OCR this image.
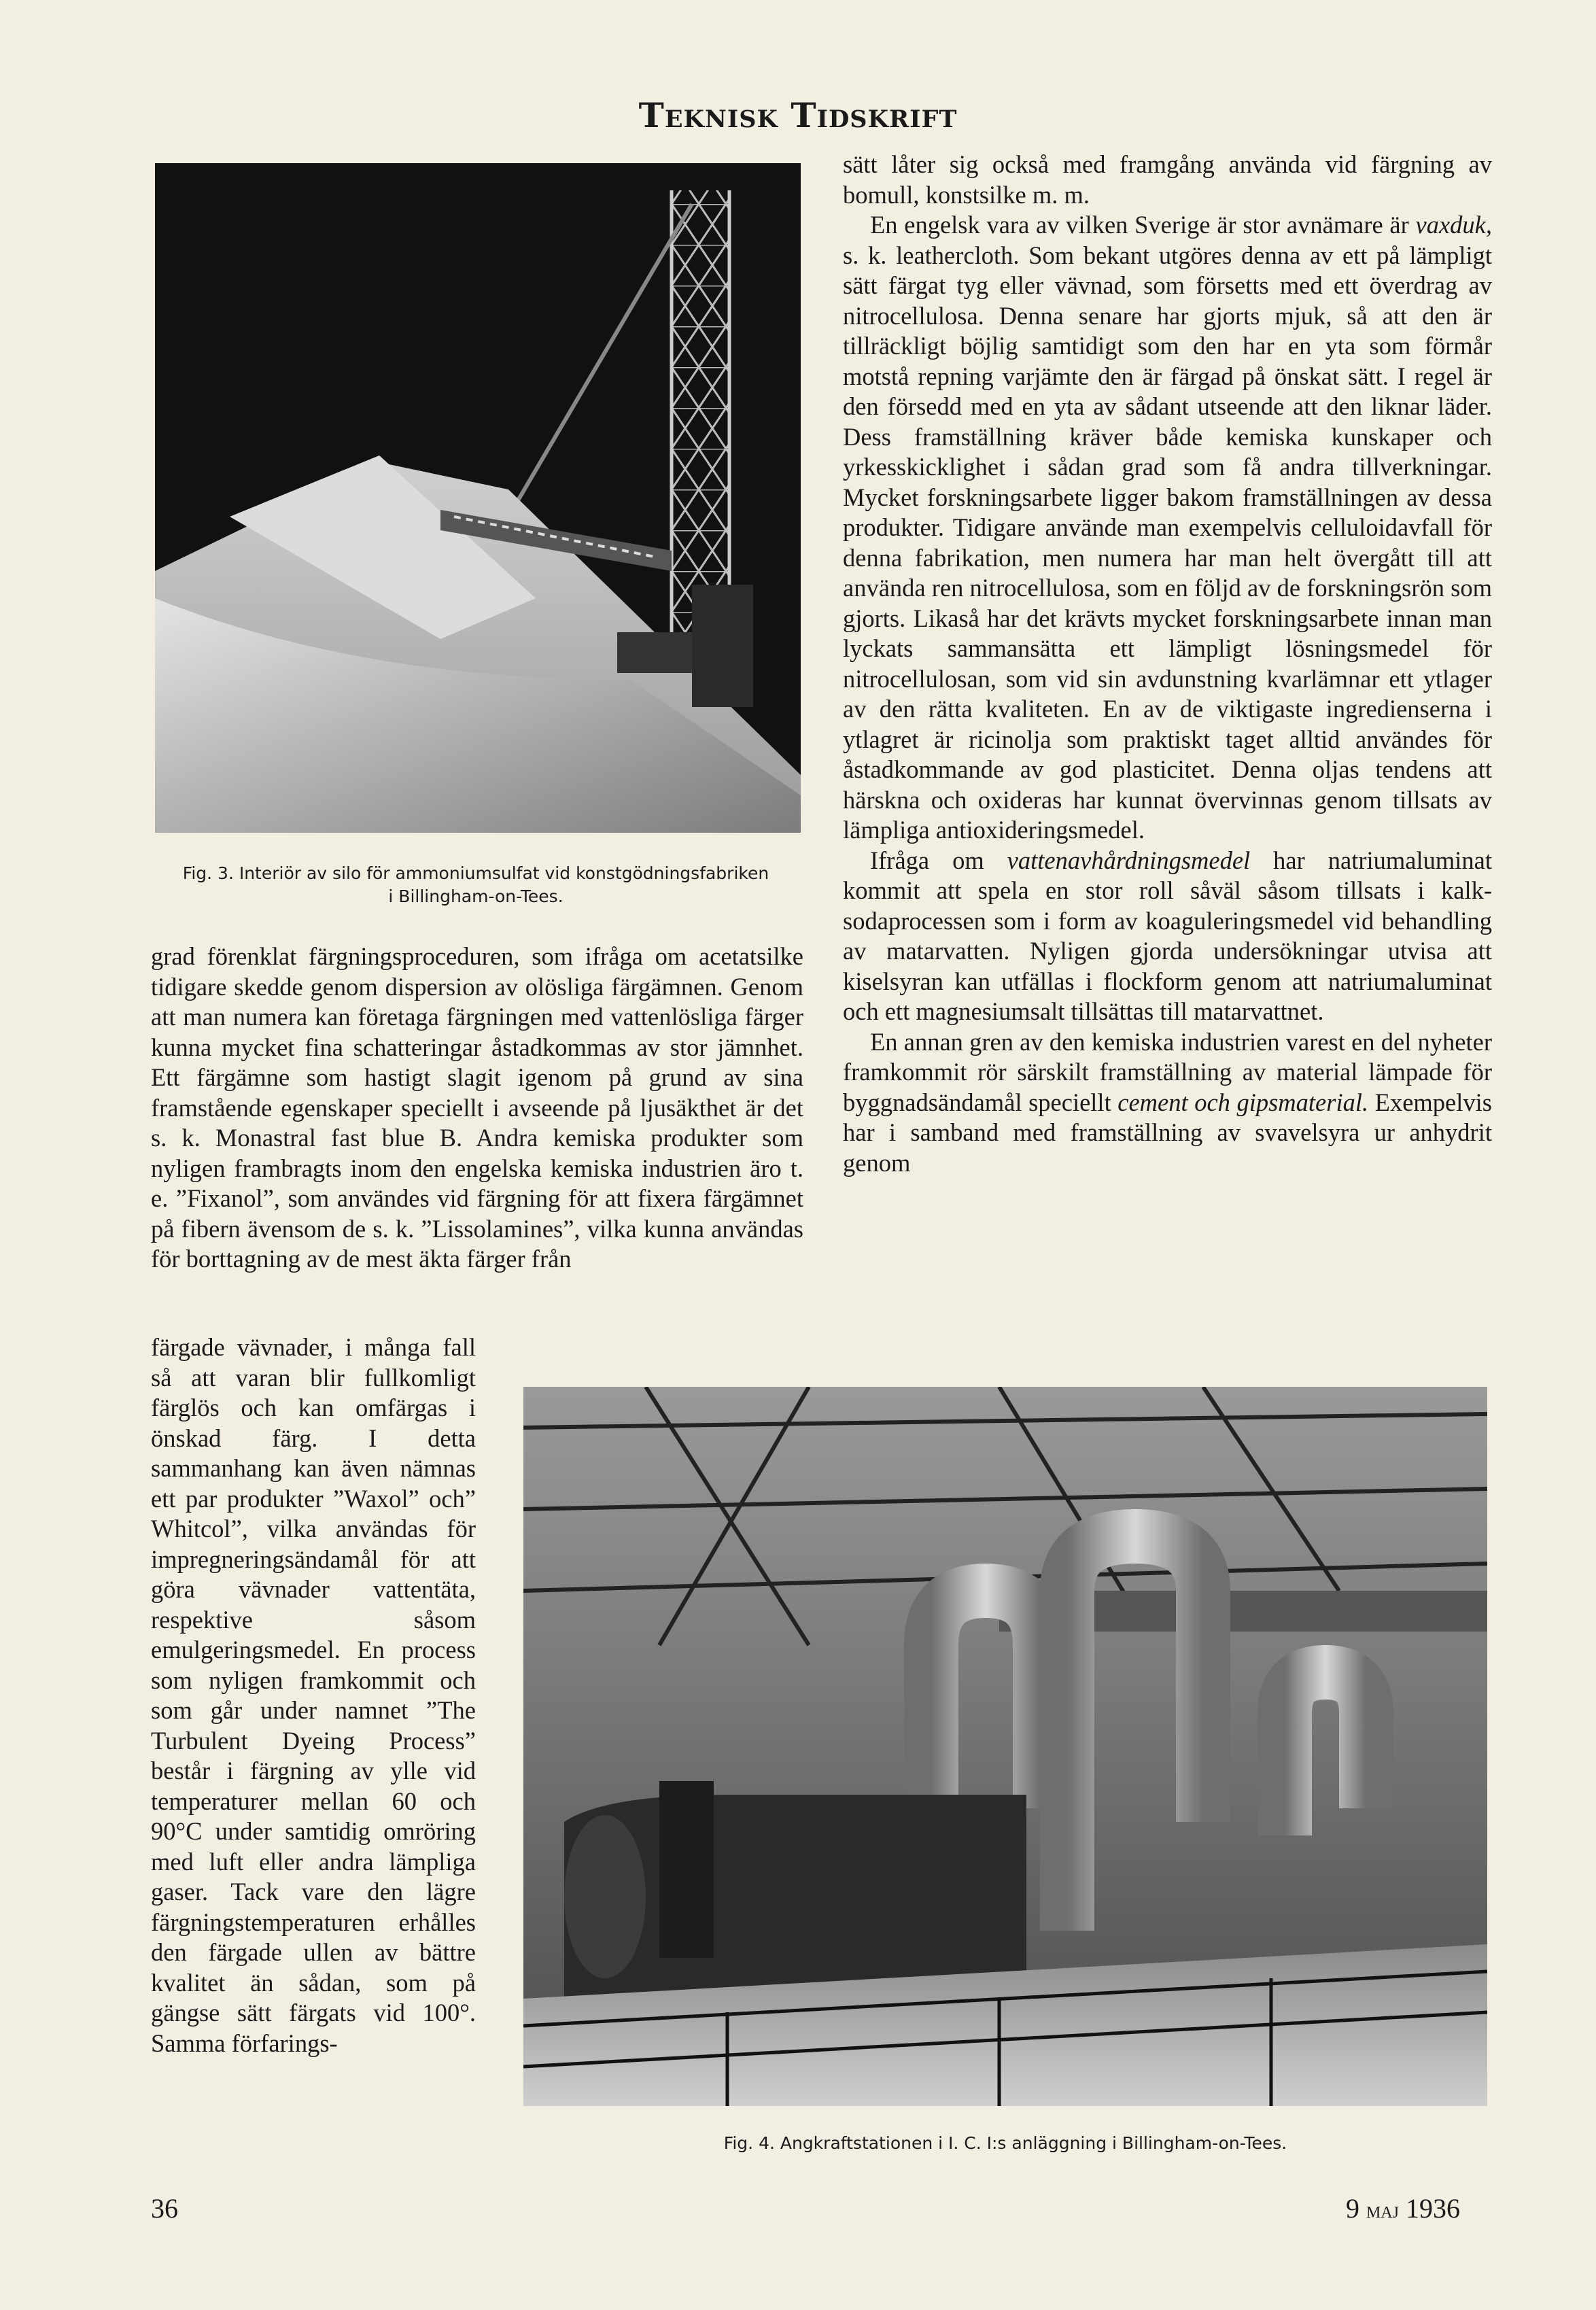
Teknisk Tidskrift
Fig. 3. Interiör av silo för ammoniumsulfat vid konstgödningsfabriken
i Billingham-on-Tees.

grad förenklat färgningsproceduren, som ifråga om acetatsilke tidigare skedde genom dispersion av olösliga färgämnen. Genom att man numera kan företaga färgningen med vattenlösliga färger kunna mycket fina schatteringar åstadkommas av stor jämnhet. Ett färgämne som hastigt slagit igenom på grund av sina framstående egenskaper speciellt i avseende på ljusäkthet är det s. k. Monastral fast blue B. Andra kemiska produkter som nyligen frambragts inom den engelska kemiska industrien äro t. e. ”Fixanol”, som användes vid färgning för att fixera färgämnet på fibern ävensom de s. k. ”Lissolamines”, vilka kunna användas för borttagning av de mest äkta färger från

färgade vävnader, i många fall så att varan blir fullkomligt färglös och kan omfärgas i önskad färg. I detta sammanhang kan även nämnas ett par produkter ”Waxol” och” Whitcol”, vilka användas för impregneringsändamål för att göra vävnader vattentäta, respektive såsom emulgeringsmedel. En process som nyligen framkommit och som går under namnet ”The Turbulent Dyeing Process” består i färgning av ylle vid temperaturer mellan 60 och 90°C under samtidig omröring med luft eller andra lämpliga gaser. Tack vare den lägre färgningstemperaturen erhålles den färgade ullen av bättre kvalitet än sådan, som på gängse sätt färgats vid 100°. Samma förfarings-

sätt låter sig också med framgång använda vid färgning av bomull, konstsilke m. m.

En engelsk vara av vilken Sverige är stor avnämare är vaxduk, s. k. leathercloth. Som bekant utgöres denna av ett på lämpligt sätt färgat tyg eller vävnad, som försetts med ett överdrag av nitrocellulosa. Denna senare har gjorts mjuk, så att den är tillräckligt böjlig samtidigt som den har en yta som förmår motstå repning varjämte den är färgad på önskat sätt. I regel är den försedd med en yta av sådant utseende att den liknar läder. Dess framställning kräver både kemiska kunskaper och yrkesskicklighet i sådan grad som få andra tillverkningar. Mycket forskningsarbete ligger bakom framställningen av dessa produkter. Tidigare använde man exempelvis celluloidavfall för denna fabrikation, men numera har man helt övergått till att använda ren nitrocellulosa, som en följd av de forskningsrön som gjorts. Likaså har det krävts mycket forskningsarbete innan man lyckats sammansätta ett lämpligt lösningsmedel för nitrocellulosan, som vid sin avdunstning kvarlämnar ett ytlager av den rätta kvaliteten. En av de viktigaste ingredienserna i ytlagret är ricinolja som praktiskt taget alltid användes för åstadkommande av god plasticitet. Denna oljas tendens att härskna och oxideras har kunnat övervinnas genom tillsats av lämpliga antioxideringsmedel.

Ifråga om vattenavhårdningsmedel har natriumaluminat kommit att spela en stor roll såväl såsom tillsats i kalk-sodaprocessen som i form av koaguleringsmedel vid behandling av matarvatten. Nyligen gjorda undersökningar utvisa att kiselsyran kan utfällas i flockform genom att natriumaluminat och ett magnesiumsalt tillsättas till matarvattnet.

En annan gren av den kemiska industrien varest en del nyheter framkommit rör särskilt framställning av material lämpade för byggnadsändamål speciellt cement och gipsmaterial. Exempelvis har i samband med framställning av svavelsyra ur anhydrit genom

Fig. 4. Angkraftstationen i I. C. I:s anläggning i Billingham-on-Tees.
36	9 maj 1936
